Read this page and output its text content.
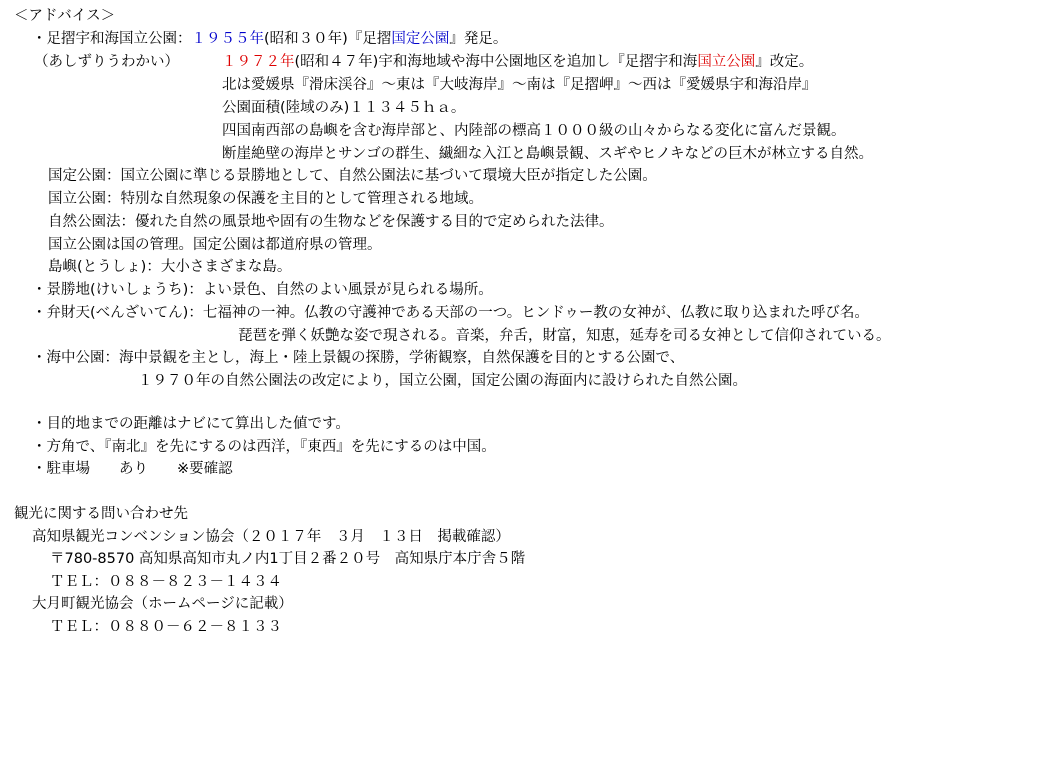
＜アドバイス＞
・足摺宇和海国立公園：１９５５年(昭和３０年)『足摺国定公園』発足。
（あしずりうわかい）	１９７２年(昭和４７年)宇和海地域や海中公園地区を追加し『足摺宇和海国立公園』改定。
北は愛媛県『滑床渓谷』～東は『大岐海岸』～南は『足摺岬』～西は『愛媛県宇和海沿岸』
公園面積(陸域のみ)１１３４５ｈａ。
四国南西部の島嶼を含む海岸部と、内陸部の標高１０００級の山々からなる変化に富んだ景観。
断崖絶壁の海岸とサンゴの群生、繊細な入江と島嶼景観、スギやヒノキなどの巨木が林立する自然。
国定公園：国立公園に準じる景勝地として、自然公園法に基づいて環境大臣が指定した公園。
国立公園：特別な自然現象の保護を主目的として管理される地域。
自然公園法：優れた自然の風景地や固有の生物などを保護する目的で定められた法律。
国立公園は国の管理。国定公園は都道府県の管理。
島嶼(とうしょ)：大小さまざまな島。
・景勝地(けいしょうち)：よい景色、自然のよい風景が見られる場所。
・弁財天(べんざいてん)：七福神の一神。仏教の守護神である天部の一つ。ヒンドゥー教の女神が、仏教に取り込まれた呼び名。
琵琶を弾く妖艶な姿で現される。音楽，弁舌，財富，知恵，延寿を司る女神として信仰されている。
・海中公園：海中景観を主とし，海上・陸上景観の探勝，学術観察，自然保護を目的とする公園で、
１９７０年の自然公園法の改定により，国立公園，国定公園の海面内に設けられた自然公園。
・目的地までの距離はナビにて算出した値です。
・方角で、『南北』を先にするのは西洋，『東西』を先にするのは中国。
・駐車場　　あり　　※要確認
観光に関する問い合わせ先
高知県観光コンベンション協会（２０１７年　３月　１３日　掲載確認）
〒780-8570 高知県高知市丸ノ内1丁目２番２０号　高知県庁本庁舎５階
ＴＥＬ：０８８－８２３－１４３４
大月町観光協会（ホームページに記載）
ＴＥＬ：０８８０－６２－８１３３
